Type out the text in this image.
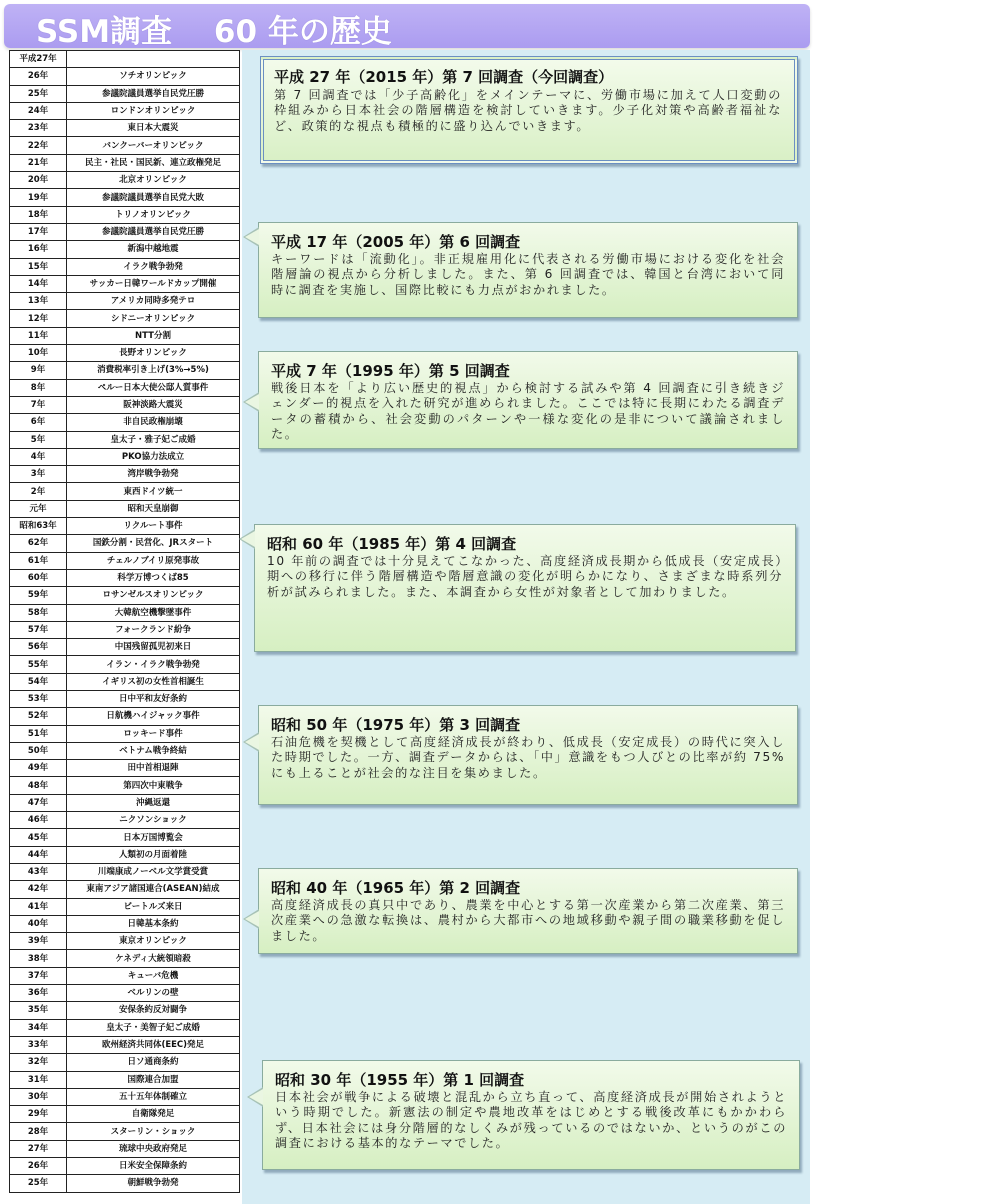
SSM調査　 60 年の歴史
平成27年	
26年	ソチオリンピック
25年	参議院議員選挙自民党圧勝
24年	ロンドンオリンピック
23年	東日本大震災
22年	バンクーバーオリンピック
21年	民主・社民・国民新、連立政権発足
20年	北京オリンピック
19年	参議院議員選挙自民党大敗
18年	トリノオリンピック
17年	参議院議員選挙自民党圧勝
16年	新潟中越地震
15年	イラク戦争勃発
14年	サッカー日韓ワールドカップ開催
13年	アメリカ同時多発テロ
12年	シドニーオリンピック
11年	NTT分割
10年	長野オリンピック
9年	消費税率引き上げ(3%→5%)
8年	ペルー日本大使公邸人質事件
7年	阪神淡路大震災
6年	非自民政権崩壊
5年	皇太子・雅子妃ご成婚
4年	PKO協力法成立
3年	湾岸戦争勃発
2年	東西ドイツ統一
元年	昭和天皇崩御
昭和63年	リクルート事件
62年	国鉄分割・民営化、JRスタート
61年	チェルノブイリ原発事故
60年	科学万博つくば85
59年	ロサンゼルスオリンピック
58年	大韓航空機撃墜事件
57年	フォークランド紛争
56年	中国残留孤児初来日
55年	イラン・イラク戦争勃発
54年	イギリス初の女性首相誕生
53年	日中平和友好条約
52年	日航機ハイジャック事件
51年	ロッキード事件
50年	ベトナム戦争終結
49年	田中首相退陣
48年	第四次中東戦争
47年	沖縄返還
46年	ニクソンショック
45年	日本万国博覧会
44年	人類初の月面着陸
43年	川端康成ノーベル文学賞受賞
42年	東南アジア諸国連合(ASEAN)結成
41年	ビートルズ来日
40年	日韓基本条約
39年	東京オリンピック
38年	ケネディ大統領暗殺
37年	キューバ危機
36年	ベルリンの壁
35年	安保条約反対闘争
34年	皇太子・美智子妃ご成婚
33年	欧州経済共同体(EEC)発足
32年	日ソ通商条約
31年	国際連合加盟
30年	五十五年体制確立
29年	自衛隊発足
28年	スターリン・ショック
27年	琉球中央政府発足
26年	日米安全保障条約
25年	朝鮮戦争勃発
平成 27 年（2015 年）第 7 回調査（今回調査）
第 7 回調査では「少子高齢化」をメインテーマに、労働市場に加えて人口変動の枠組みから日本社会の階層構造を検討していきます。少子化対策や高齢者福祉など、政策的な視点も積極的に盛り込んでいきます。
平成 17 年（2005 年）第 6 回調査
キーワードは「流動化」。非正規雇用化に代表される労働市場における変化を社会階層論の視点から分析しました。また、第 6 回調査では、韓国と台湾において同時に調査を実施し、国際比較にも力点がおかれました。
平成 7 年（1995 年）第 5 回調査
戦後日本を「より広い歴史的視点」から検討する試みや第 4 回調査に引き続きジェンダー的視点を入れた研究が進められました。ここでは特に長期にわたる調査データの蓄積から、社会変動のパターンや一様な変化の是非について議論されました。
昭和 60 年（1985 年）第 4 回調査
10 年前の調査では十分見えてこなかった、高度経済成長期から低成長（安定成長）期への移行に伴う階層構造や階層意識の変化が明らかになり、さまざまな時系列分析が試みられました。また、本調査から女性が対象者として加わりました。
昭和 50 年（1975 年）第 3 回調査
石油危機を契機として高度経済成長が終わり、低成長（安定成長）の時代に突入した時期でした。一方、調査データからは、「中」意識をもつ人びとの比率が約 75%にも上ることが社会的な注目を集めました。
昭和 40 年（1965 年）第 2 回調査
高度経済成長の真只中であり、農業を中心とする第一次産業から第二次産業、第三次産業への急激な転換は、農村から大都市への地域移動や親子間の職業移動を促しました。
昭和 30 年（1955 年）第 1 回調査
日本社会が戦争による破壊と混乱から立ち直って、高度経済成長が開始されようという時期でした。新憲法の制定や農地改革をはじめとする戦後改革にもかかわらず、日本社会には身分階層的なしくみが残っているのではないか、というのがこの調査における基本的なテーマでした。
